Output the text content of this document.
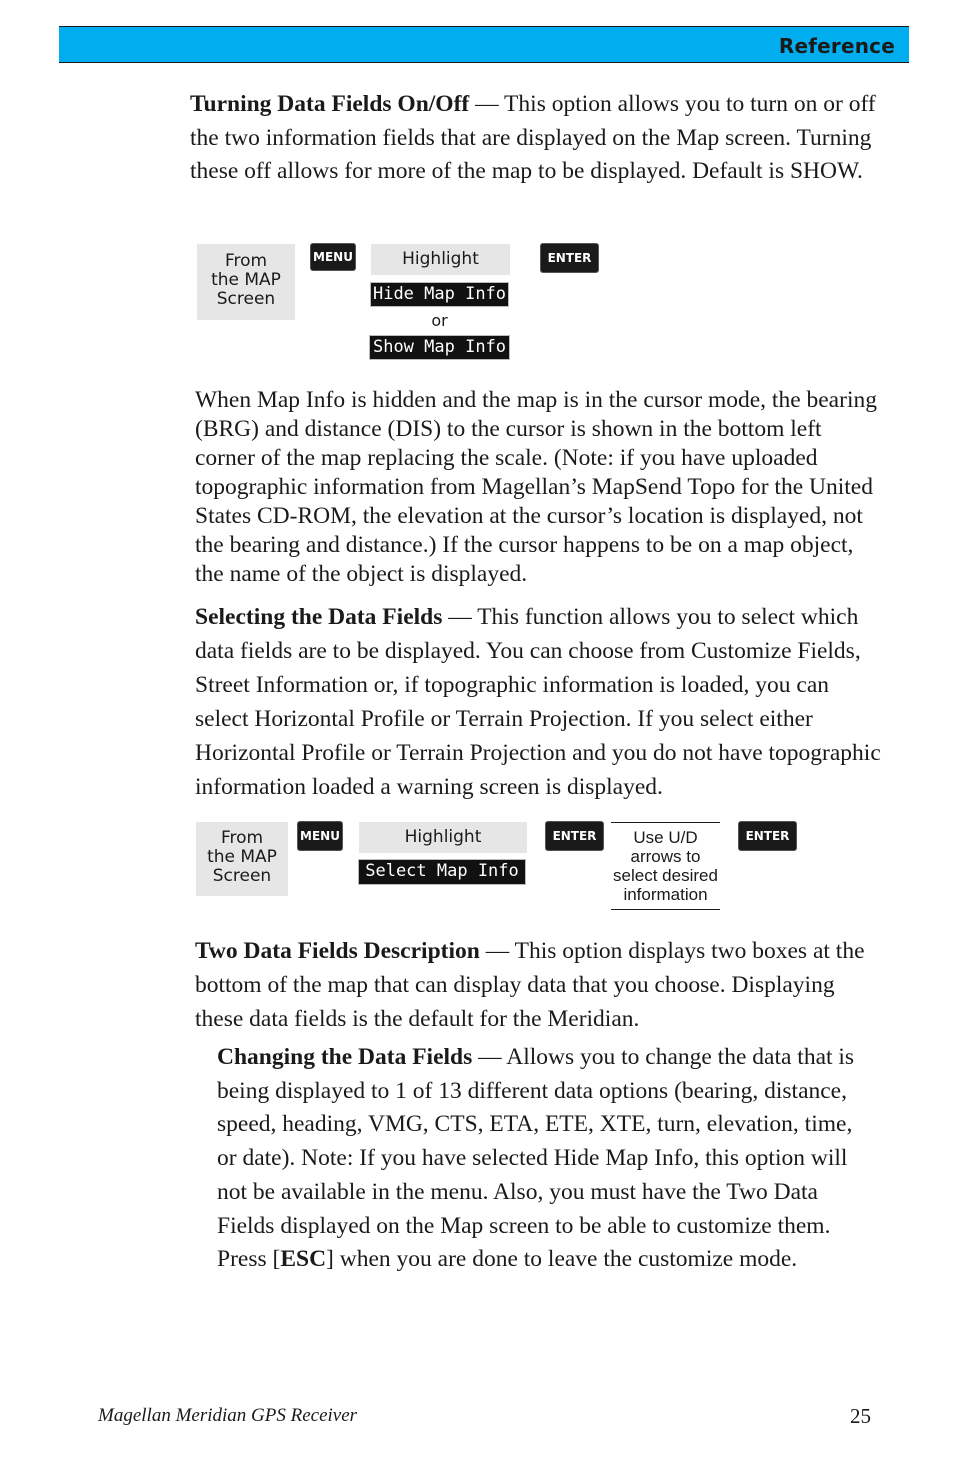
Reference

Turning Data Fields On/Off — This option allows you to turn on or off the two information fields that are displayed on the Map screen. Turning these off allows for more of the map to be displayed. Default is SHOW.

From
the MAP
Screen
MENU	Highlight
Hide Map Info
or
Show Map Info
ENTER

When Map Info is hidden and the map is in the cursor mode, the bearing (BRG) and distance (DIS) to the cursor is shown in the bottom left corner of the map replacing the scale. (Note: if you have uploaded topographic information from Magellan’s MapSend Topo for the United States CD-ROM, the elevation at the cursor’s location is displayed, not the bearing and distance.) If the cursor happens to be on a map object, the name of the object is displayed.

Selecting the Data Fields — This function allows you to select which data fields are to be displayed. You can choose from Customize Fields, Street Information or, if topographic information is loaded, you can select Horizontal Profile or Terrain Projection. If you select either Horizontal Profile or Terrain Projection and you do not have topographic information loaded a warning screen is displayed.

From
the MAP
Screen
MENU	Highlight
Select Map Info
ENTER	Use U/D
arrows to
select desired
information
ENTER

Two Data Fields Description — This option displays two boxes at the bottom of the map that can display data that you choose. Displaying these data fields is the default for the Meridian.

Changing the Data Fields — Allows you to change the data that is being displayed to 1 of 13 different data options (bearing, distance, speed, heading, VMG, CTS, ETA, ETE, XTE, turn, elevation, time, or date). Note: If you have selected Hide Map Info, this option will not be available in the menu. Also, you must have the Two Data Fields displayed on the Map screen to be able to customize them. Press [ESC] when you are done to leave the customize mode.

Magellan Meridian GPS Receiver	25
